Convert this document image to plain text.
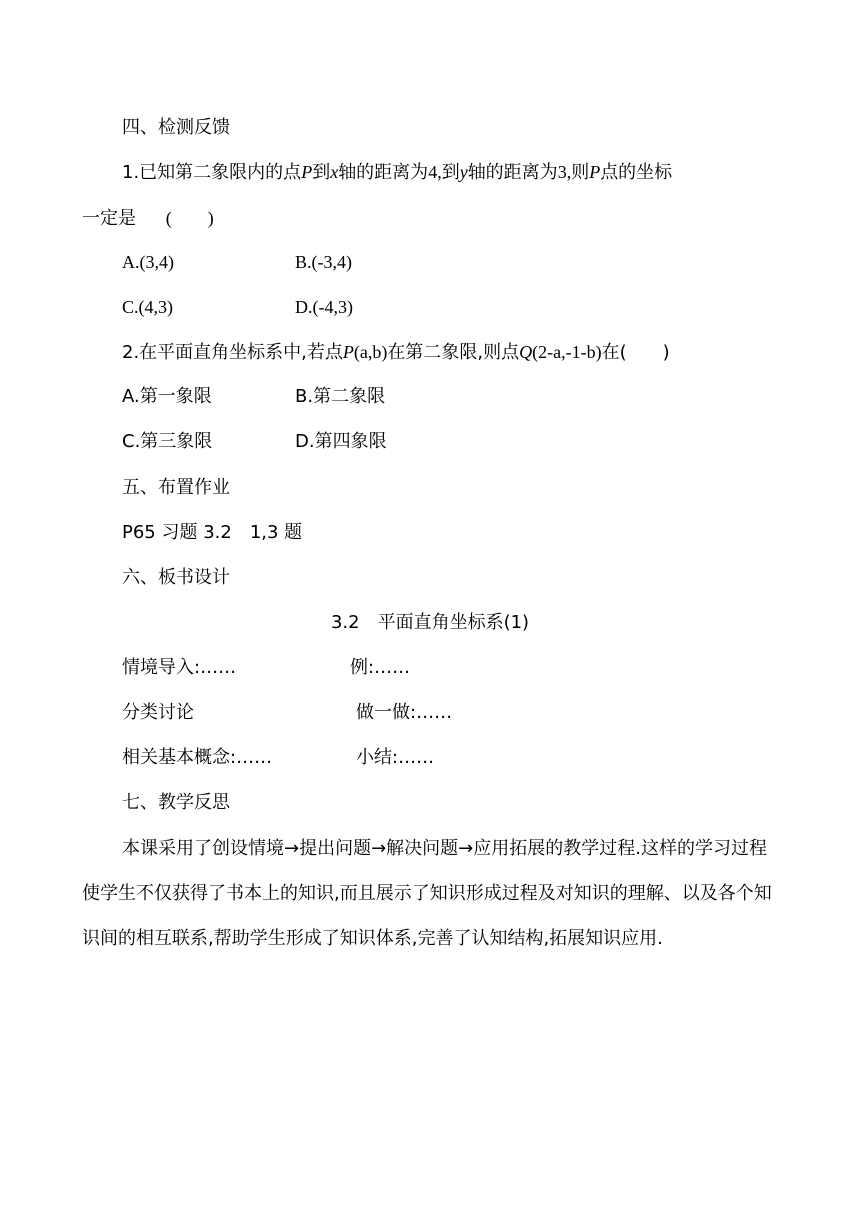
四、检测反馈
1.已知第二象限内的点P到x轴的距离为4,到y轴的距离为3,则P点的坐标
一定是 (　　)
A.(3,4)	B.(-3,4)
C.(4,3)	D.(-4,3)
2.在平面直角坐标系中,若点P(a,b)在第二象限,则点Q(2-a,-1-b)在(　　)
A.第一象限	B.第二象限
C.第三象限	D.第四象限
五、布置作业
P65 习题 3.2　1,3 题
六、板书设计
3.2　平面直角坐标系(1)
情境导入:……	例:……
分类讨论	做一做:……
相关基本概念:……	小结:……
七、教学反思
本课采用了创设情境→提出问题→解决问题→应用拓展的教学过程.这样的学习过程使学生不仅获得了书本上的知识,而且展示了知识形成过程及对知识的理解、以及各个知识间的相互联系,帮助学生形成了知识体系,完善了认知结构,拓展知识应用.
